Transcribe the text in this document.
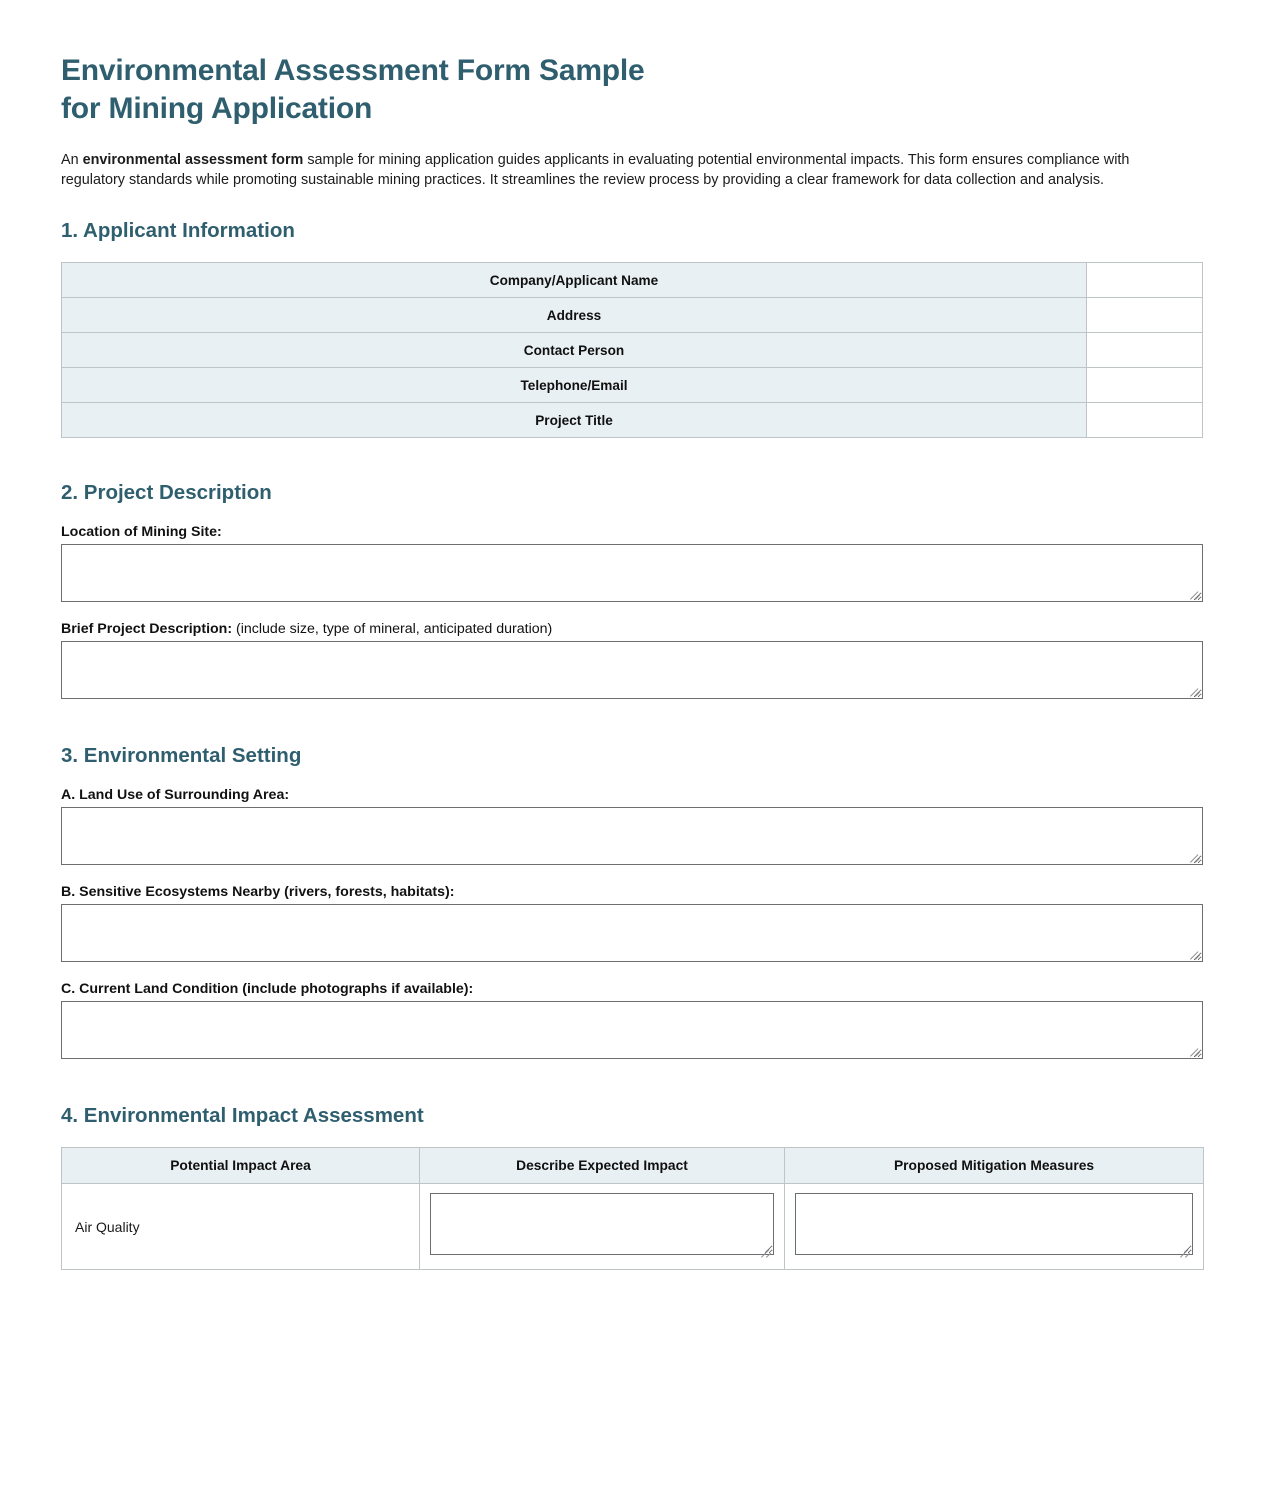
Environmental Assessment Form Sample
for Mining Application

An environmental assessment form sample for mining application guides applicants in evaluating potential environmental impacts. This form ensures compliance with regulatory standards while promoting sustainable mining practices. It streamlines the review process by providing a clear framework for data collection and analysis.

1. Applicant Information
Company/Applicant Name	
Address	
Contact Person	
Telephone/Email	
Project Title	
2. Project Description
Location of Mining Site:
Brief Project Description: (include size, type of mineral, anticipated duration)
3. Environmental Setting
A. Land Use of Surrounding Area:
B. Sensitive Ecosystems Nearby (rivers, forests, habitats):
C. Current Land Condition (include photographs if available):
4. Environmental Impact Assessment
Potential Impact Area	Describe Expected Impact	Proposed Mitigation Measures
Air Quality	
